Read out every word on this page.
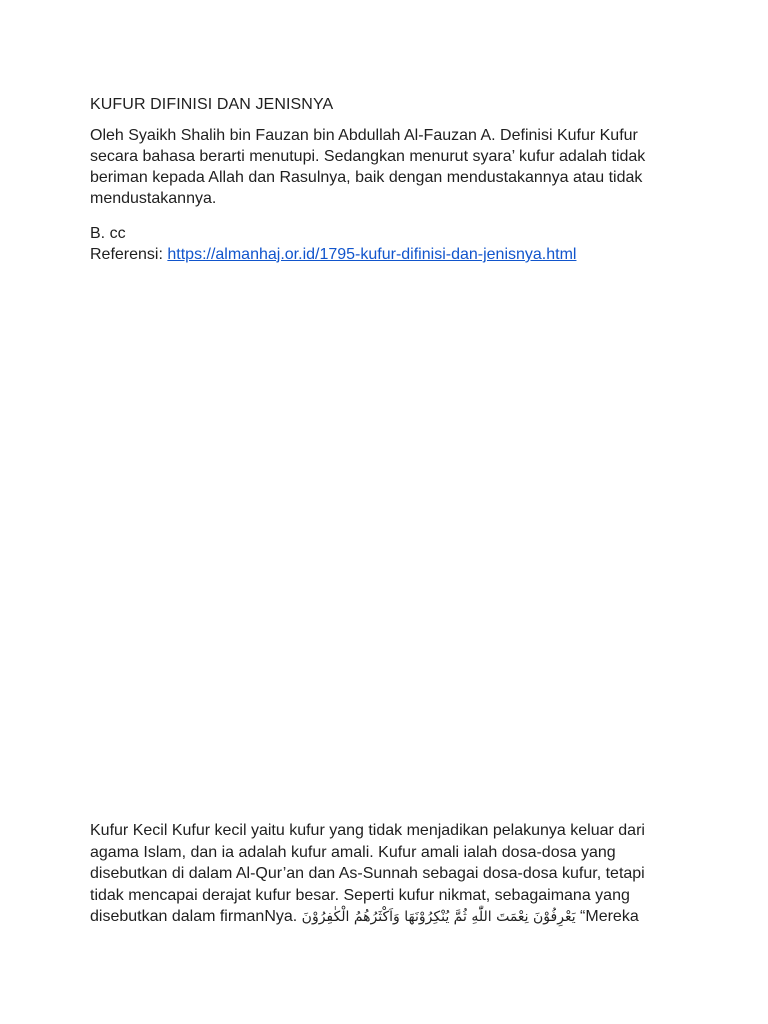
KUFUR DIFINISI DAN JENISNYA
Oleh Syaikh Shalih bin Fauzan bin Abdullah Al-Fauzan A. Definisi Kufur Kufur secara bahasa berarti menutupi. Sedangkan menurut syara’ kufur adalah tidak beriman kepada Allah dan Rasulnya, baik dengan mendustakannya atau tidak mendustakannya.
B. cc
Referensi: https://almanhaj.or.id/1795-kufur-difinisi-dan-jenisnya.html
Kufur Kecil Kufur kecil yaitu kufur yang tidak menjadikan pelakunya keluar dari agama Islam, dan ia adalah kufur amali. Kufur amali ialah dosa-dosa yang disebutkan di dalam Al-Qur’an dan As-Sunnah sebagai dosa-dosa kufur, tetapi tidak mencapai derajat kufur besar. Seperti kufur nikmat, sebagaimana yang disebutkan dalam firmanNya. يَعْرِفُوْنَ نِعْمَتَ اللّٰهِ ثُمَّ يُنْكِرُوْنَهَا وَاَكْثَرُهُمُ الْكٰفِرُوْنَ “Mereka
